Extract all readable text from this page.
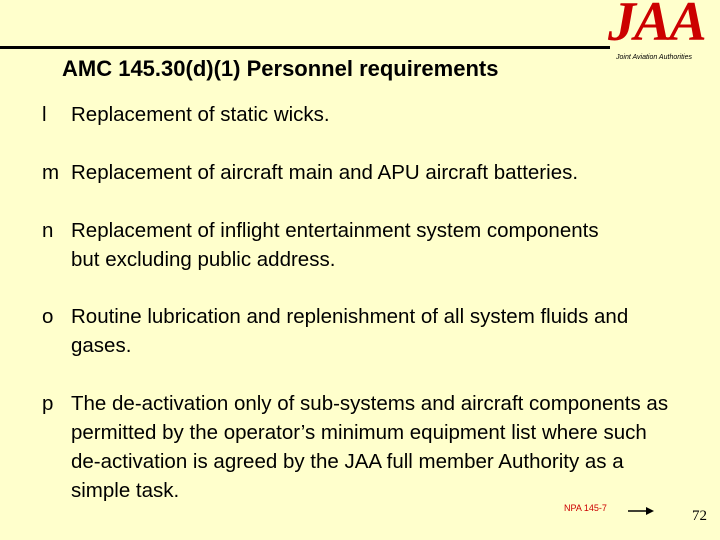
AMC 145.30(d)(1) Personnel requirements
JAA
Joint Aviation Authorities
l	Replacement of static wicks.
m Replacement of aircraft main and APU aircraft batteries.
n Replacement of inflight entertainment system components but excluding public address.
o Routine lubrication and replenishment of all system fluids and gases.
p The de-activation only of sub-systems and aircraft components as permitted by the operator’s minimum equipment list where such de-activation is agreed by the JAA full member Authority as a simple task.
NPA 145-7	72
